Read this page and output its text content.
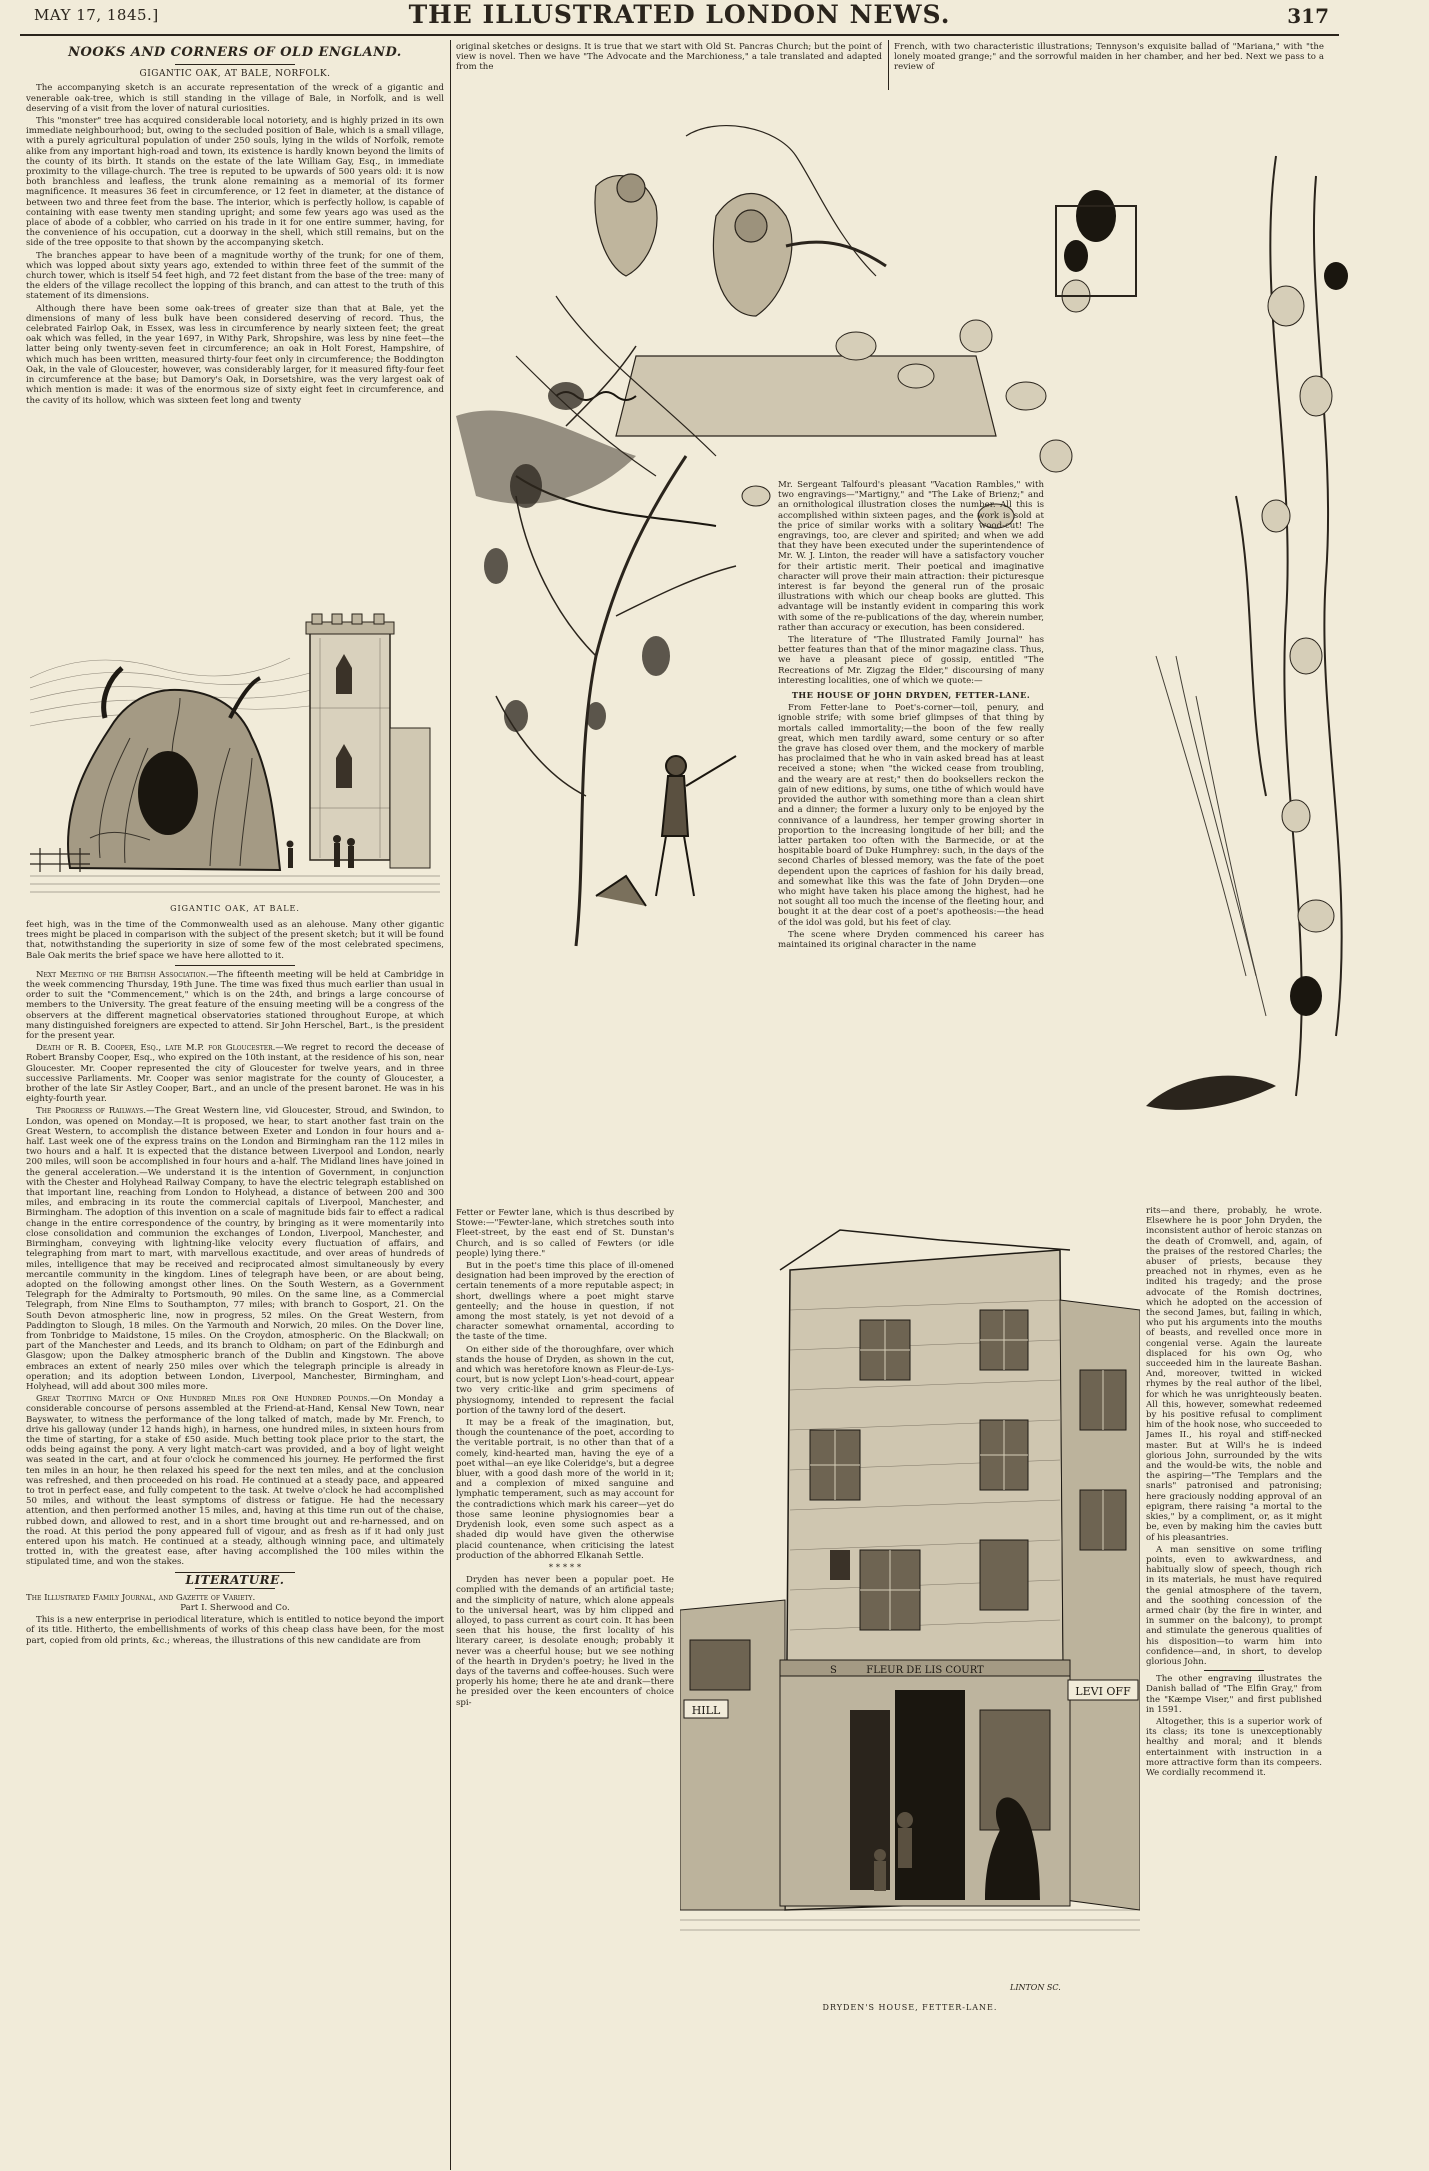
MAY 17, 1845.]	THE ILLUSTRATED LONDON NEWS.	317
NOOKS AND CORNERS OF OLD ENGLAND.
GIGANTIC OAK, AT BALE, NORFOLK.

The accompanying sketch is an accurate representation of the wreck of a gigantic and venerable oak-tree, which is still standing in the village of Bale, in Norfolk, and is well deserving of a visit from the lover of natural curiosities.

This "monster" tree has acquired considerable local notoriety, and is highly prized in its own immediate neighbourhood; but, owing to the secluded position of Bale, which is a small village, with a purely agricultural population of under 250 souls, lying in the wilds of Norfolk, remote alike from any important high-road and town, its existence is hardly known beyond the limits of the county of its birth. It stands on the estate of the late William Gay, Esq., in immediate proximity to the village-church. The tree is reputed to be upwards of 500 years old: it is now both branchless and leafless, the trunk alone remaining as a memorial of its former magnificence. It measures 36 feet in circumference, or 12 feet in diameter, at the distance of between two and three feet from the base. The interior, which is perfectly hollow, is capable of containing with ease twenty men standing upright; and some few years ago was used as the place of abode of a cobbler, who carried on his trade in it for one entire summer, having, for the convenience of his occupation, cut a doorway in the shell, which still remains, but on the side of the tree opposite to that shown by the accompanying sketch.

The branches appear to have been of a magnitude worthy of the trunk; for one of them, which was lopped about sixty years ago, extended to within three feet of the summit of the church tower, which is itself 54 feet high, and 72 feet distant from the base of the tree: many of the elders of the village recollect the lopping of this branch, and can attest to the truth of this statement of its dimensions.

Although there have been some oak-trees of greater size than that at Bale, yet the dimensions of many of less bulk have been considered deserving of record. Thus, the celebrated Fairlop Oak, in Essex, was less in circumference by nearly sixteen feet; the great oak which was felled, in the year 1697, in Withy Park, Shropshire, was less by nine feet—the latter being only twenty-seven feet in circumference; an oak in Holt Forest, Hampshire, of which much has been written, measured thirty-four feet only in circumference; the Boddington Oak, in the vale of Gloucester, however, was considerably larger, for it measured fifty-four feet in circumference at the base; but Damory's Oak, in Dorsetshire, was the very largest oak of which mention is made: it was of the enormous size of sixty eight feet in circumference, and the cavity of its hollow, which was sixteen feet long and twenty

GIGANTIC OAK, AT BALE.

feet high, was in the time of the Commonwealth used as an alehouse. Many other gigantic trees might be placed in comparison with the subject of the present sketch; but it will be found that, notwithstanding the superiority in size of some few of the most celebrated specimens, Bale Oak merits the brief space we have here allotted to it.

Next Meeting of the British Association.—The fifteenth meeting will be held at Cambridge in the week commencing Thursday, 19th June. The time was fixed thus much earlier than usual in order to suit the "Commencement," which is on the 24th, and brings a large concourse of members to the University. The great feature of the ensuing meeting will be a congress of the observers at the different magnetical observatories stationed throughout Europe, at which many distinguished foreigners are expected to attend. Sir John Herschel, Bart., is the president for the present year.

Death of R. B. Cooper, Esq., late M.P. for Gloucester.—We regret to record the decease of Robert Bransby Cooper, Esq., who expired on the 10th instant, at the residence of his son, near Gloucester. Mr. Cooper represented the city of Gloucester for twelve years, and in three successive Parliaments. Mr. Cooper was senior magistrate for the county of Gloucester, a brother of the late Sir Astley Cooper, Bart., and an uncle of the present baronet. He was in his eighty-fourth year.

The Progress of Railways.—The Great Western line, vid Gloucester, Stroud, and Swindon, to London, was opened on Monday.—It is proposed, we hear, to start another fast train on the Great Western, to accomplish the distance between Exeter and London in four hours and a-half. Last week one of the express trains on the London and Birmingham ran the 112 miles in two hours and a half. It is expected that the distance between Liverpool and London, nearly 200 miles, will soon be accomplished in four hours and a-half. The Midland lines have joined in the general acceleration.—We understand it is the intention of Government, in conjunction with the Chester and Holyhead Railway Company, to have the electric telegraph established on that important line, reaching from London to Holyhead, a distance of between 200 and 300 miles, and embracing in its route the commercial capitals of Liverpool, Manchester, and Birmingham. The adoption of this invention on a scale of magnitude bids fair to effect a radical change in the entire correspondence of the country, by bringing as it were momentarily into close consolidation and communion the exchanges of London, Liverpool, Manchester, and Birmingham, conveying with lightning-like velocity every fluctuation of affairs, and telegraphing from mart to mart, with marvellous exactitude, and over areas of hundreds of miles, intelligence that may be received and reciprocated almost simultaneously by every mercantile community in the kingdom. Lines of telegraph have been, or are about being, adopted on the following amongst other lines. On the South Western, as a Government Telegraph for the Admiralty to Portsmouth, 90 miles. On the same line, as a Commercial Telegraph, from Nine Elms to Southampton, 77 miles; with branch to Gosport, 21. On the South Devon atmospheric line, now in progress, 52 miles. On the Great Western, from Paddington to Slough, 18 miles. On the Yarmouth and Norwich, 20 miles. On the Dover line, from Tonbridge to Maidstone, 15 miles. On the Croydon, atmospheric. On the Blackwall; on part of the Manchester and Leeds, and its branch to Oldham; on part of the Edinburgh and Glasgow; upon the Dalkey atmospheric branch of the Dublin and Kingstown. The above embraces an extent of nearly 250 miles over which the telegraph principle is already in operation; and its adoption between London, Liverpool, Manchester, Birmingham, and Holyhead, will add about 300 miles more.

Great Trotting Match of One Hundred Miles for One Hundred Pounds.—On Monday a considerable concourse of persons assembled at the Friend-at-Hand, Kensal New Town, near Bayswater, to witness the performance of the long talked of match, made by Mr. French, to drive his galloway (under 12 hands high), in harness, one hundred miles, in sixteen hours from the time of starting, for a stake of £50 aside. Much betting took place prior to the start, the odds being against the pony. A very light match-cart was provided, and a boy of light weight was seated in the cart, and at four o'clock he commenced his journey. He performed the first ten miles in an hour, he then relaxed his speed for the next ten miles, and at the conclusion was refreshed, and then proceeded on his road. He continued at a steady pace, and appeared to trot in perfect ease, and fully competent to the task. At twelve o'clock he had accomplished 50 miles, and without the least symptoms of distress or fatigue. He had the necessary attention, and then performed another 15 miles, and, having at this time run out of the chaise, rubbed down, and allowed to rest, and in a short time brought out and re-harnessed, and on the road. At this period the pony appeared full of vigour, and as fresh as if it had only just entered upon his match. He continued at a steady, although winning pace, and ultimately trotted in, with the greatest ease, after having accomplished the 100 miles within the stipulated time, and won the stakes.

LITERATURE.

The Illustrated Family Journal, and Gazette of Variety.

Part I. Sherwood and Co.

This is a new enterprise in periodical literature, which is entitled to notice beyond the import of its title. Hitherto, the embellishments of works of this cheap class have been, for the most part, copied from old prints, &c.; whereas, the illustrations of this new candidate are from

original sketches or designs. It is true that we start with Old St. Pancras Church; but the point of view is novel. Then we have "The Advocate and the Marchioness," a tale translated and adapted from the

French, with two characteristic illustrations; Tennyson's exquisite ballad of "Mariana," with "the lonely moated grange;" and the sorrowful maiden in her chamber, and her bed. Next we pass to a review of

Mr. Sergeant Talfourd's pleasant "Vacation Rambles," with two engravings—"Martigny," and "The Lake of Brienz;" and an ornithological illustration closes the number. All this is accomplished within sixteen pages, and the work is sold at the price of similar works with a solitary wood-cut! The engravings, too, are clever and spirited; and when we add that they have been executed under the superintendence of Mr. W. J. Linton, the reader will have a satisfactory voucher for their artistic merit. Their poetical and imaginative character will prove their main attraction: their picturesque interest is far beyond the general run of the prosaic illustrations with which our cheap books are glutted. This advantage will be instantly evident in comparing this work with some of the re-publications of the day, wherein number, rather than accuracy or execution, has been considered.

The literature of "The Illustrated Family Journal" has better features than that of the minor magazine class. Thus, we have a pleasant piece of gossip, entitled "The Recreations of Mr. Zigzag the Elder," discoursing of many interesting localities, one of which we quote:—

THE HOUSE OF JOHN DRYDEN, FETTER-LANE.

From Fetter-lane to Poet's-corner—toil, penury, and ignoble strife; with some brief glimpses of that thing by mortals called immortality;—the boon of the few really great, which men tardily award, some century or so after the grave has closed over them, and the mockery of marble has proclaimed that he who in vain asked bread has at least received a stone; when "the wicked cease from troubling, and the weary are at rest;" then do booksellers reckon the gain of new editions, by sums, one tithe of which would have provided the author with something more than a clean shirt and a dinner; the former a luxury only to be enjoyed by the connivance of a laundress, her temper growing shorter in proportion to the increasing longitude of her bill; and the latter partaken too often with the Barmecide, or at the hospitable board of Duke Humphrey: such, in the days of the second Charles of blessed memory, was the fate of the poet dependent upon the caprices of fashion for his daily bread, and somewhat like this was the fate of John Dryden—one who might have taken his place among the highest, had he not sought all too much the incense of the fleeting hour, and bought it at the dear cost of a poet's apotheosis:—the head of the idol was gold, but his feet of clay.

The scene where Dryden commenced his career has maintained its original character in the name

Fetter or Fewter lane, which is thus described by Stowe:—"Fewter-lane, which stretches south into Fleet-street, by the east end of St. Dunstan's Church, and is so called of Fewters (or idle people) lying there."

But in the poet's time this place of ill-omened designation had been improved by the erection of certain tenements of a more reputable aspect; in short, dwellings where a poet might starve genteelly; and the house in question, if not among the most stately, is yet not devoid of a character somewhat ornamental, according to the taste of the time.

On either side of the thoroughfare, over which stands the house of Dryden, as shown in the cut, and which was heretofore known as Fleur-de-Lys-court, but is now yclept Lion's-head-court, appear two very critic-like and grim specimens of physiognomy, intended to represent the facial portion of the tawny lord of the desert.

It may be a freak of the imagination, but, though the countenance of the poet, according to the veritable portrait, is no other than that of a comely, kind-hearted man, having the eye of a poet withal—an eye like Coleridge's, but a degree bluer, with a good dash more of the world in it; and a complexion of mixed sanguine and lymphatic temperament, such as may account for the contradictions which mark his career—yet do those same leonine physiognomies bear a Drydenish look, even some such aspect as a shaded dip would have given the otherwise placid countenance, when criticising the latest production of the abhorred Elkanah Settle.

* * * * *

Dryden has never been a popular poet. He complied with the demands of an artificial taste; and the simplicity of nature, which alone appeals to the universal heart, was by him clipped and alloyed, to pass current as court coin. It has been seen that his house, the first locality of his literary career, is desolate enough; probably it never was a cheerful house; but we see nothing of the hearth in Dryden's poetry; he lived in the days of the taverns and coffee-houses. Such were properly his home; there he ate and drank—there he presided over the keen encounters of choice spi-

FLEUR DE LIS COURT
LEVI OFF
HILL
S
LINTON SC.
DRYDEN'S HOUSE, FETTER-LANE.

rits—and there, probably, he wrote. Elsewhere he is poor John Dryden, the inconsistent author of heroic stanzas on the death of Cromwell, and, again, of the praises of the restored Charles; the abuser of priests, because they preached not in rhymes, even as he indited his tragedy; and the prose advocate of the Romish doctrines, which he adopted on the accession of the second James, but, failing in which, who put his arguments into the mouths of beasts, and revelled once more in congenial verse. Again the laureate displaced for his own Og, who succeeded him in the laureate Bashan. And, moreover, twitted in wicked rhymes by the real author of the libel, for which he was unrighteously beaten. All this, however, somewhat redeemed by his positive refusal to compliment him of the hook nose, who succeeded to James II., his royal and stiff-necked master. But at Will's he is indeed glorious John, surrounded by the wits and the would-be wits, the noble and the aspiring—"The Templars and the snarls" patronised and patronising; here graciously nodding approval of an epigram, there raising "a mortal to the skies," by a compliment, or, as it might be, even by making him the cavies butt of his pleasantries.

A man sensitive on some trifling points, even to awkwardness, and habitually slow of speech, though rich in its materials, he must have required the genial atmosphere of the tavern, and the soothing concession of the armed chair (by the fire in winter, and in summer on the balcony), to prompt and stimulate the generous qualities of his disposition—to warm him into confidence—and, in short, to develop glorious John.

The other engraving illustrates the Danish ballad of "The Elfin Gray," from the "Kæmpe Viser," and first published in 1591.

Altogether, this is a superior work of its class; its tone is unexceptionably healthy and moral; and it blends entertainment with instruction in a more attractive form than its compeers. We cordially recommend it.
